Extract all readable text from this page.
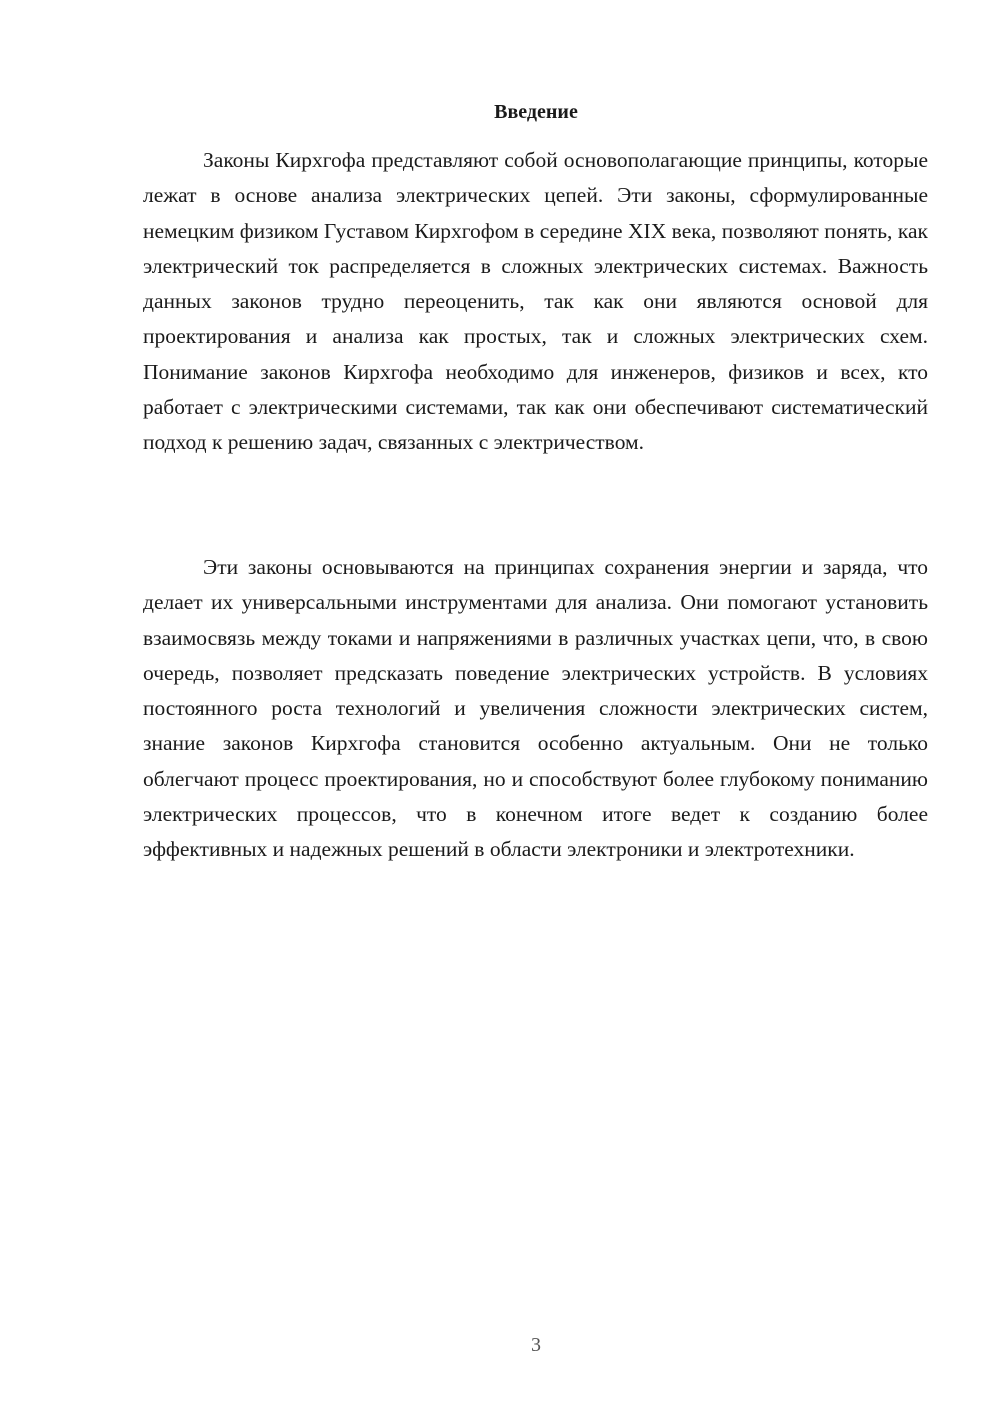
Введение

Законы Кирхгофа представляют собой основополагающие принципы, которые лежат в основе анализа электрических цепей. Эти законы, сформулированные немецким физиком Густавом Кирхгофом в середине XIX века, позволяют понять, как электрический ток распределяется в сложных электрических системах. Важность данных законов трудно переоценить, так как они являются основой для проектирования и анализа как простых, так и сложных электрических схем. Понимание законов Кирхгофа необходимо для инженеров, физиков и всех, кто работает с электрическими системами, так как они обеспечивают систематический подход к решению задач, связанных с электричеством.

Эти законы основываются на принципах сохранения энергии и заряда, что делает их универсальными инструментами для анализа. Они помогают установить взаимосвязь между токами и напряжениями в различных участках цепи, что, в свою очередь, позволяет предсказать поведение электрических устройств. В условиях постоянного роста технологий и увеличения сложности электрических систем, знание законов Кирхгофа становится особенно актуальным. Они не только облегчают процесс проектирования, но и способствуют более глубокому пониманию электрических процессов, что в конечном итоге ведет к созданию более эффективных и надежных решений в области электроники и электротехники.

3
